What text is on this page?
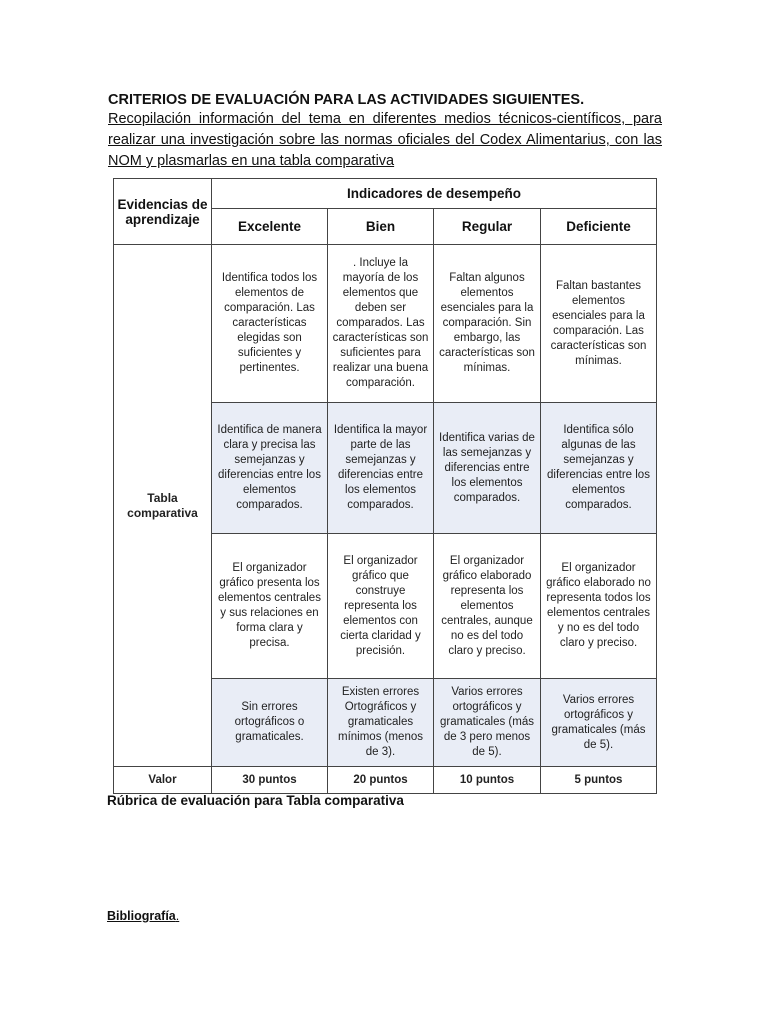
CRITERIOS DE EVALUACIÓN PARA LAS ACTIVIDADES SIGUIENTES.

Recopilación información del tema en diferentes medios técnicos-científicos, para realizar una investigación sobre las normas oficiales del Codex Alimentarius, con las NOM y plasmarlas en una tabla comparativa

Evidencias de aprendizaje	Indicadores de desempeño			
	Excelente	Bien	Regular	Deficiente
Tabla comparativa	Identifica todos los elementos de comparación. Las características elegidas son suficientes y pertinentes.	. Incluye la mayoría de los elementos que deben ser comparados. Las características son suficientes para realizar una buena comparación.	Faltan algunos elementos esenciales para la comparación. Sin embargo, las características son mínimas.	Faltan bastantes elementos esenciales para la comparación. Las características son mínimas.
	Identifica de manera clara y precisa las semejanzas y diferencias entre los elementos comparados.	Identifica la mayor parte de las semejanzas y diferencias entre los elementos comparados.	Identifica varias de las semejanzas y diferencias entre los elementos comparados.	Identifica sólo algunas de las semejanzas y diferencias entre los elementos comparados.
	El organizador gráfico presenta los elementos centrales y sus relaciones en forma clara y precisa.	El organizador gráfico que construye representa los elementos con cierta claridad y precisión.	El organizador gráfico elaborado representa los elementos centrales, aunque no es del todo claro y preciso.	El organizador gráfico elaborado no representa todos los elementos centrales y no es del todo claro y preciso.
	Sin errores ortográficos o gramaticales.	Existen errores Ortográficos y gramaticales mínimos (menos de 3).	Varios errores ortográficos y gramaticales (más de 3 pero menos de 5).	Varios errores ortográficos y gramaticales (más de 5).
Valor	30 puntos	20 puntos	10 puntos	5 puntos
Rúbrica de evaluación para Tabla comparativa
Bibliografía.
